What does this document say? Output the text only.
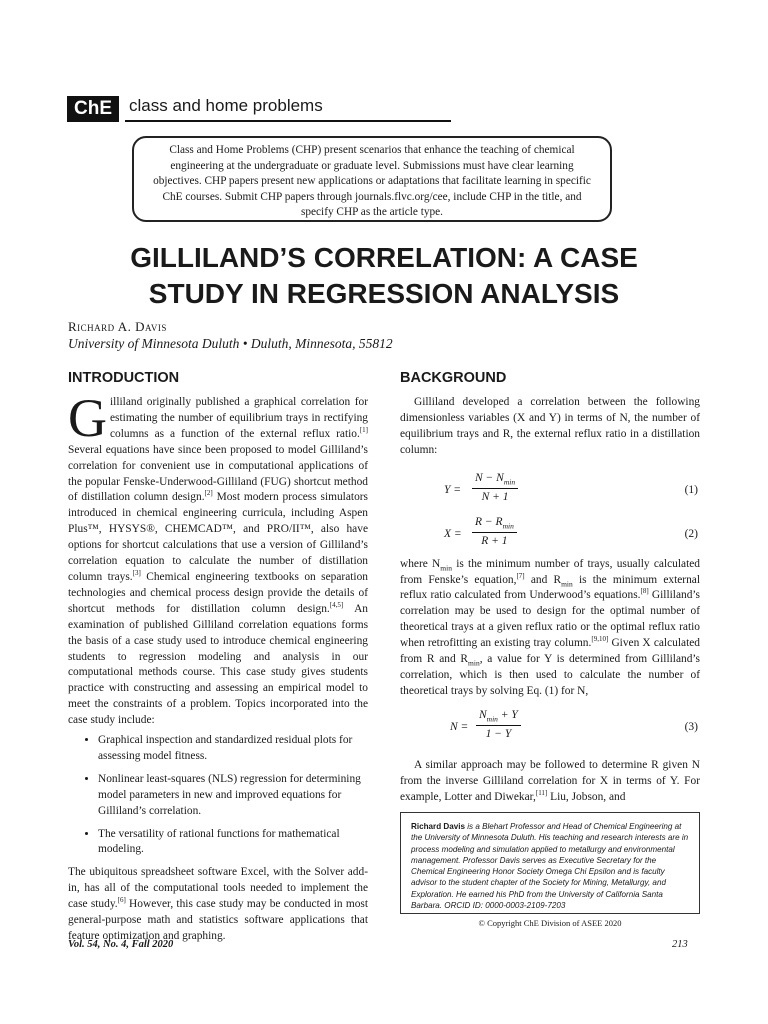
ChE	class and home problems
Class and Home Problems (CHP) present scenarios that enhance the teaching of chemical engineering at the undergraduate or graduate level. Submissions must have clear learning objectives. CHP papers present new applications or adaptations that facilitate learning in specific ChE courses. Submit CHP papers through journals.flvc.org/cee, include CHP in the title, and specify CHP as the article type.
GILLILAND’S CORRELATION: A CASE
STUDY IN REGRESSION ANALYSIS
Richard A. Davis
University of Minnesota Duluth • Duluth, Minnesota, 55812
INTRODUCTION	BACKGROUND

Gilliland originally published a graphical correlation for estimating the number of equilibrium trays in rectifying columns as a function of the external reflux ratio.[1] Several equations have since been proposed to model Gilliland’s correlation for convenient use in computational applications of the popular Fenske-Underwood-Gilliland (FUG) shortcut method of distillation column design.[2] Most modern process simulators introduced in chemical engineering curricula, including Aspen Plus™, HYSYS®, CHEMCAD™, and PRO/II™, also have options for shortcut calculations that use a version of Gilliland’s correlation equation to calculate the number of distillation column trays.[3] Chemical engineering textbooks on separation technologies and chemical process design provide the details of shortcut methods for distillation column design.[4,5] An examination of published Gilliland correlation equations forms the basis of a case study used to introduce chemical engineering students to regression modeling and analysis in our computational methods course. This case study gives students practice with constructing and assessing an empirical model to meet the constraints of a problem. Topics incorporated into the case study include:

• Graphical inspection and standardized residual plots for assessing model fitness.
• Nonlinear least-squares (NLS) regression for determining model parameters in new and improved equations for Gilliland’s correlation.
• The versatility of rational functions for mathematical modeling.

The ubiquitous spreadsheet software Excel, with the Solver add-in, has all of the computational tools needed to implement the case study.[6] However, this case study may be conducted in most general-purpose math and statistics software applications that feature optimization and graphing.

Gilliland developed a correlation between the following dimensionless variables (X and Y) in terms of N, the number of equilibrium trays and R, the external reflux ratio in a distillation column:

Y =
$N - N_{min}$
N + 1
(1)
X =
$R - R_{min}$
R + 1
(2)

where $N_{min}$ is the minimum number of trays, usually calculated from Fenske’s equation,[7] and $R_{min}$ is the minimum external reflux ratio calculated from Underwood’s equations.[8] Gilliland’s correlation may be used to design for the optimal number of theoretical trays at a given reflux ratio or the optimal reflux ratio when retrofitting an existing tray column.[9,10] Given X calculated from R and $R_{min}$, a value for Y is determined from Gilliland’s correlation, which is then used to calculate the number of theoretical trays by solving Eq. (1) for N,

N =
$N_{min} + Y$
1 − Y
(3)

A similar approach may be followed to determine R given N from the inverse Gilliland correlation for X in terms of Y. For example, Lotter and Diwekar,[11] Liu, Jobson, and

Richard Davis is a Blehart Professor and Head of Chemical Engineering at the University of Minnesota Duluth. His teaching and research interests are in process modeling and simulation applied to metallurgy and environmental management. Professor Davis serves as Executive Secretary for the Chemical Engineering Honor Society Omega Chi Epsilon and is faculty advisor to the student chapter of the Society for Mining, Metallurgy, and Exploration. He earned his PhD from the University of California Santa Barbara. ORCID ID: 0000-0003-2109-7203
© Copyright ChE Division of ASEE 2020
Vol. 54, No. 4, Fall 2020	213
